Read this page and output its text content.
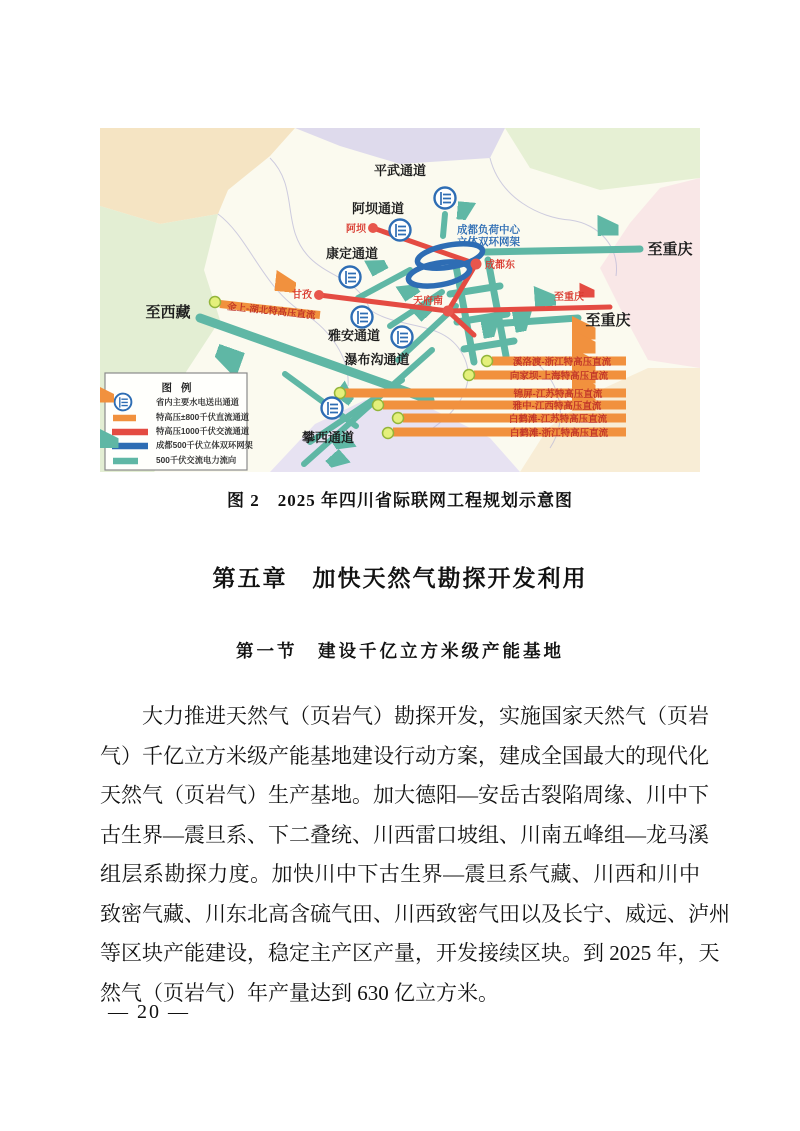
平武通道
阿坝通道
康定通道
雅安通道
瀑布沟通道
攀西通道
至西藏
至重庆
至重庆
至重庆
阿坝
甘孜
成都东
天府南
成都负荷中心
立体双环网架
金上-湖北特高压直流
溪洛渡-浙江特高压直流
向家坝-上海特高压直流
锦屏-江苏特高压直流
雅中-江西特高压直流
白鹤滩-江苏特高压直流
白鹤滩-浙江特高压直流
图 例
省内主要水电送出通道
特高压±800千伏直流通道
特高压1000千伏交流通道
成都500千伏立体双环网架
500千伏交流电力流向
图 2　2025 年四川省际联网工程规划示意图
第五章　加快天然气勘探开发利用
第一节　建设千亿立方米级产能基地
大力推进天然气（页岩气）勘探开发，实施国家天然气（页岩
气）千亿立方米级产能基地建设行动方案，建成全国最大的现代化
天然气（页岩气）生产基地。加大德阳—安岳古裂陷周缘、川中下
古生界—震旦系、下二叠统、川西雷口坡组、川南五峰组—龙马溪
组层系勘探力度。加快川中下古生界—震旦系气藏、川西和川中
致密气藏、川东北高含硫气田、川西致密气田以及长宁、威远、泸州
等区块产能建设，稳定主产区产量，开发接续区块。到 2025 年，天
然气（页岩气）年产量达到 630 亿立方米。
— 20 —
